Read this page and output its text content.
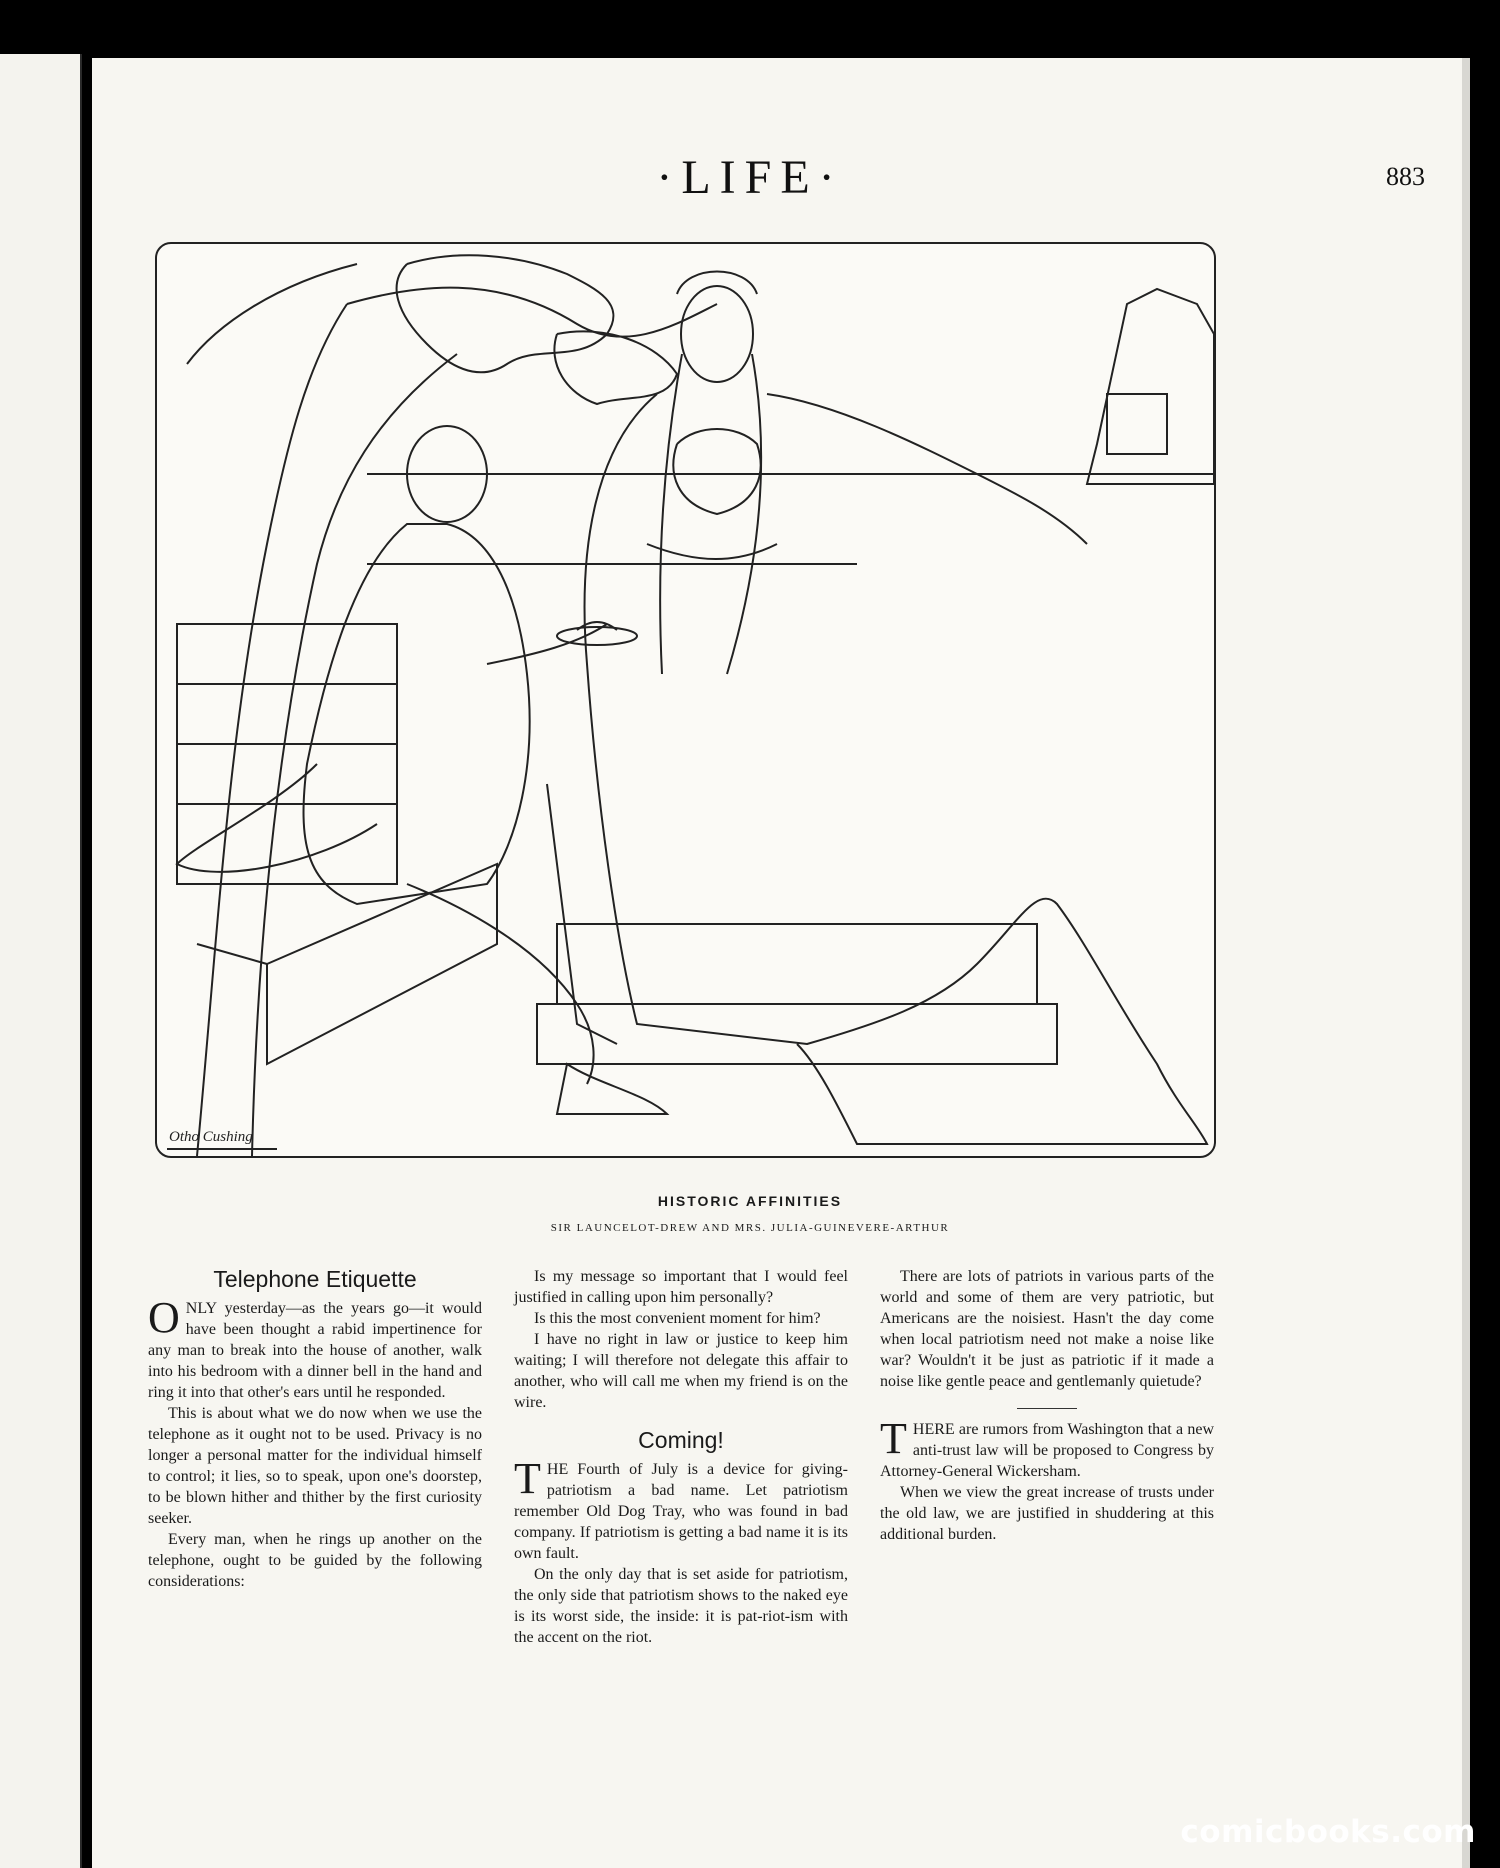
·LIFE·	883
Otho Cushing
HISTORIC AFFINITIES
SIR LAUNCELOT-DREW AND MRS. JULIA-GUINEVERE-ARTHUR
Telephone Etiquette

ONLY yesterday—as the years go—it would have been thought a rabid impertinence for any man to break into the house of another, walk into his bedroom with a dinner bell in the hand and ring it into that other's ears until he responded.

This is about what we do now when we use the telephone as it ought not to be used. Privacy is no longer a personal matter for the individual himself to control; it lies, so to speak, upon one's doorstep, to be blown hither and thither by the first curiosity seeker.

Every man, when he rings up another on the telephone, ought to be guided by the following considerations:

Is my message so important that I would feel justified in calling upon him personally?

Is this the most convenient moment for him?

I have no right in law or justice to keep him waiting; I will therefore not delegate this affair to another, who will call me when my friend is on the wire.

Coming!

THE Fourth of July is a device for giving-patriotism a bad name. Let patriotism remember Old Dog Tray, who was found in bad company. If patriotism is getting a bad name it is its own fault.

On the only day that is set aside for patriotism, the only side that patriotism shows to the naked eye is its worst side, the inside: it is pat-riot-ism with the accent on the riot.

There are lots of patriots in various parts of the world and some of them are very patriotic, but Americans are the noisiest. Hasn't the day come when local patriotism need not make a noise like war? Wouldn't it be just as patriotic if it made a noise like gentle peace and gentlemanly quietude?

THERE are rumors from Washington that a new anti-trust law will be proposed to Congress by Attorney-General Wickersham.

When we view the great increase of trusts under the old law, we are justified in shuddering at this additional burden.

comicbooks.com
